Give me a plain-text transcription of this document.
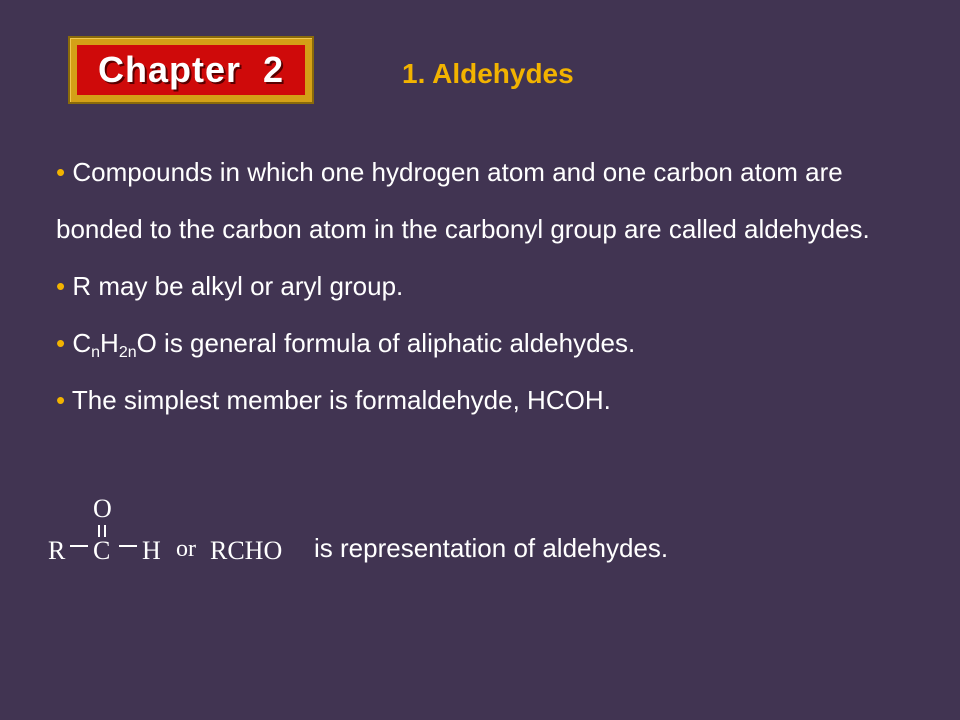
Chapter  2	1. Aldehydes

• Compounds in which one hydrogen atom and one carbon atom are bonded to the carbon atom in the carbonyl group are called aldehydes.

• R may be alkyl or aryl group.

• $C_nH_{2n}O$ is general formula of aliphatic aldehydes.

• The simplest member is formaldehyde, HCOH.

O
R C H or RCHO is representation of aldehydes.
